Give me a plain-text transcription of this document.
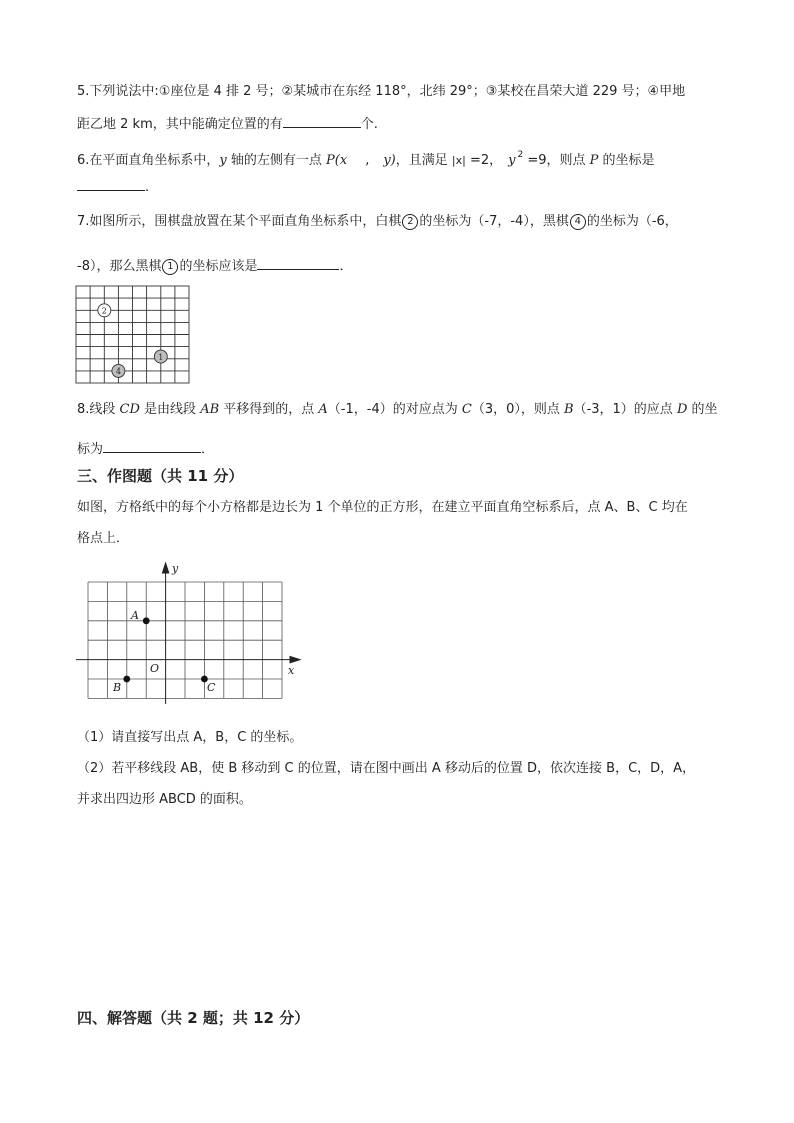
5.下列说法中:①座位是 4 排 2 号；②某城市在东经 118°，北纬 29°；③某校在昌荣大道 229 号；④甲地
距乙地 2 km，其中能确定位置的有	个.
6.在平面直角坐标系中，y 轴的左侧有一点 P(x , y)，且满足 |x| =2， y $^2$ =9，则点 P 的坐标是
.
7.如图所示，围棋盘放置在某个平面直角坐标系中，白棋 2 的坐标为（-7，-4），黑棋 4 的坐标为（-6，
-8），那么黑棋 1 的坐标应该是	．
2
1
4
8.线段 CD 是由线段 AB 平移得到的，点 A（-1，-4）的对应点为 C（3，0），则点 B（-3，1）的应点 D 的坐
标为	．
三、作图题（共 11 分）
如图，方格纸中的每个小方格都是边长为 1 个单位的正方形，在建立平面直角空标系后，点 A、B、C 均在
格点上．
y
x
O
A
B	C
（1）请直接写出点 A，B，C 的坐标。
（2）若平移线段 AB，使 B 移动到 C 的位置，请在图中画出 A 移动后的位置 D，依次连接 B，C，D，A，
并求出四边形 ABCD 的面积。
四、解答题（共 2 题；共 12 分）
